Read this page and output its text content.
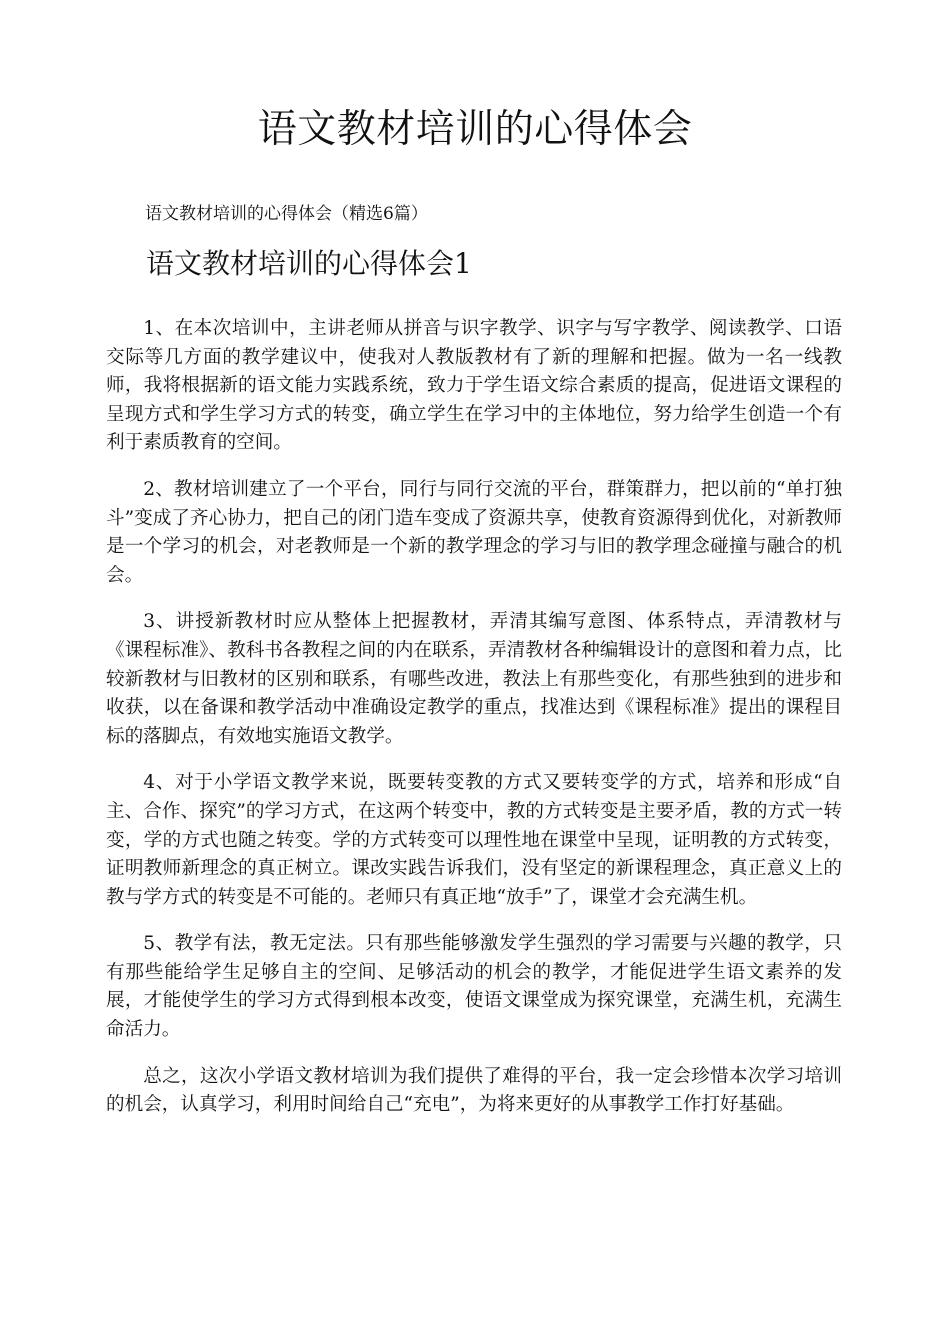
语文教材培训的心得体会

语文教材培训的心得体会（精选6篇）

语文教材培训的心得体会1

1、在本次培训中，主讲老师从拼音与识字教学、识字与写字教学、阅读教学、口语交际等几方面的教学建议中，使我对人教版教材有了新的理解和把握。做为一名一线教师，我将根据新的语文能力实践系统，致力于学生语文综合素质的提高，促进语文课程的呈现方式和学生学习方式的转变，确立学生在学习中的主体地位，努力给学生创造一个有利于素质教育的空间。

2、教材培训建立了一个平台，同行与同行交流的平台，群策群力，把以前的“单打独斗”变成了齐心协力，把自己的闭门造车变成了资源共享，使教育资源得到优化，对新教师是一个学习的机会，对老教师是一个新的教学理念的学习与旧的教学理念碰撞与融合的机会。

3、讲授新教材时应从整体上把握教材，弄清其编写意图、体系特点，弄清教材与《课程标准》、教科书各教程之间的内在联系，弄清教材各种编辑设计的意图和着力点，比较新教材与旧教材的区别和联系，有哪些改进，教法上有那些变化，有那些独到的进步和收获，以在备课和教学活动中准确设定教学的重点，找准达到《课程标准》提出的课程目标的落脚点，有效地实施语文教学。

4、对于小学语文教学来说，既要转变教的方式又要转变学的方式，培养和形成“自主、合作、探究”的学习方式，在这两个转变中，教的方式转变是主要矛盾，教的方式一转变，学的方式也随之转变。学的方式转变可以理性地在课堂中呈现，证明教的方式转变，证明教师新理念的真正树立。课改实践告诉我们，没有坚定的新课程理念，真正意义上的教与学方式的转变是不可能的。老师只有真正地“放手”了，课堂才会充满生机。

5、教学有法，教无定法。只有那些能够激发学生强烈的学习需要与兴趣的教学，只有那些能给学生足够自主的空间、足够活动的机会的教学，才能促进学生语文素养的发展，才能使学生的学习方式得到根本改变，使语文课堂成为探究课堂，充满生机，充满生命活力。

总之，这次小学语文教材培训为我们提供了难得的平台，我一定会珍惜本次学习培训的机会，认真学习，利用时间给自己“充电”，为将来更好的从事教学工作打好基础。
